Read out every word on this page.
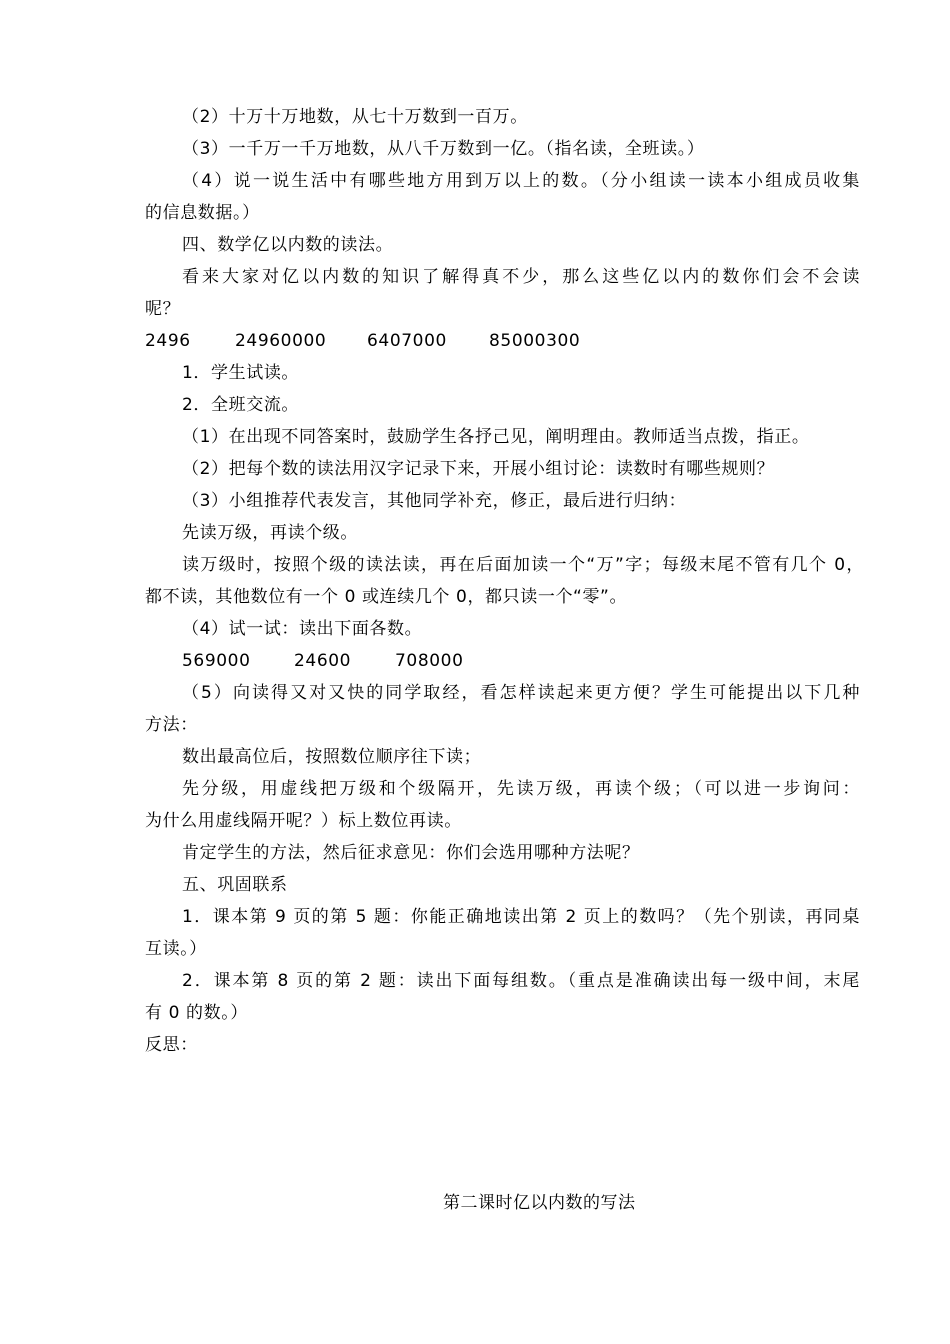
（2）十万十万地数，从七十万数到一百万。
（3）一千万一千万地数，从八千万数到一亿。（指名读，全班读。）
（4）说一说生活中有哪些地方用到万以上的数。（分小组读一读本小组成员收集
的信息数据。）
四、数学亿以内数的读法。
看来大家对亿以内数的知识了解得真不少，那么这些亿以内的数你们会不会读
呢？
2496	24960000 6407000 85000300
1．学生试读。
2．全班交流。
（1）在出现不同答案时，鼓励学生各抒己见，阐明理由。教师适当点拨，指正。
（2）把每个数的读法用汉字记录下来，开展小组讨论：读数时有哪些规则？
（3）小组推荐代表发言，其他同学补充，修正，最后进行归纳：
先读万级，再读个级。
读万级时，按照个级的读法读，再在后面加读一个“万”字；每级末尾不管有几个 0，
都不读，其他数位有一个 0 或连续几个 0，都只读一个“零”。
（4）试一试：读出下面各数。
569000	24600	708000
（5）向读得又对又快的同学取经，看怎样读起来更方便？学生可能提出以下几种
方法：
数出最高位后，按照数位顺序往下读；
先分级，用虚线把万级和个级隔开，先读万级，再读个级；（可以进一步询问：
为什么用虚线隔开呢？）标上数位再读。
肯定学生的方法，然后征求意见：你们会选用哪种方法呢？
五、巩固联系
1．课本第 9 页的第 5 题：你能正确地读出第 2 页上的数吗？（先个别读，再同桌
互读。）
2．课本第 8 页的第 2 题：读出下面每组数。（重点是准确读出每一级中间，末尾
有 0 的数。）
反思：
第二课时亿以内数的写法
